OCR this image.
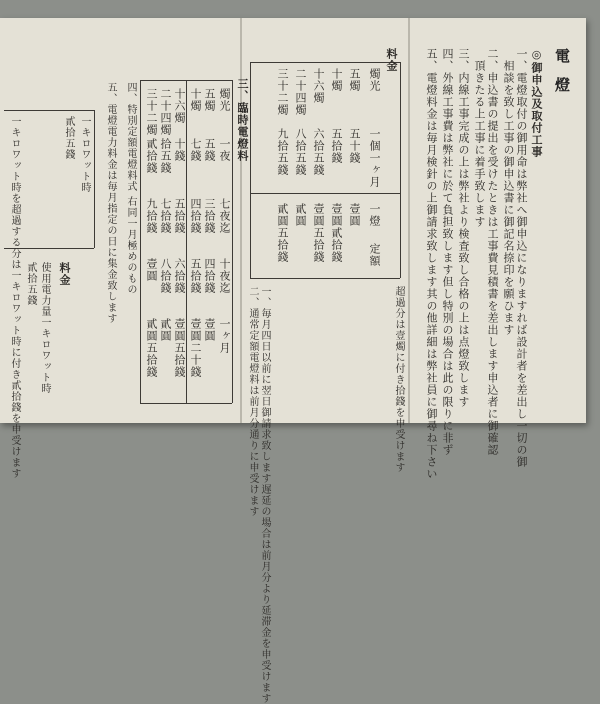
電燈
◎御申込及取付工事
一、電燈取付の御用命は弊社へ御申込になりますれば設計者を差出し一切の御
相談を致し工事の御申込書に御記名捺印を願ひます
二、申込書の提出を受けたときは工事費見積書を差出します申込者に御確認
頂きたる上工事に着手致します
三、内線工事完成の上は弊社より検査致し合格の上は点燈致します
四、外線工事費は弊社に於て負担致します但し特別の場合は此の限りに非ず
五、電燈料金は毎月検針の上御請求致します其の他詳細は弊社員に御尋ね下さい
料金
燭光
一個一ヶ月
一燈
定額
五燭
五十錢
壹圓
十燭
五拾錢
壹圓貳拾錢
十六燭
六拾五錢
壹圓五拾錢
二十四燭
八拾五錢
貳圓
三十二燭
九拾五錢
貳圓五拾錢
一、毎月四日以前に翌日御請求致します遅延の場合は前月分より延滞金を申受けます
二、通常定額電燈料は前月分通りに申受けます	超過分は壹燭に付き拾錢を申受けます
三、臨時電燈料
燭光
一夜
七夜迄
十夜迄
一ヶ月
五燭
五錢
三拾錢
四拾錢
壹圓
十燭
七錢
四拾錢
五拾錢
壹圓二十錢
十六燭
十錢
五拾錢
六拾錢
壹圓五拾錢
二十四燭
拾五錢
七拾錢
八拾錢
貳圓
三十二燭
貳拾錢
九拾錢
壹圓
貳圓五拾錢
四、特別定額電燈料式 右同一月極めのもの
五、電燈電力料金は毎月指定の日に集金致します
料金
一キロワット時
貳拾五錢
使用電力量一キロワット時
貳拾五錢
一キロワット時を超過する分は一キロワット時に付き貳拾錢を申受けます
